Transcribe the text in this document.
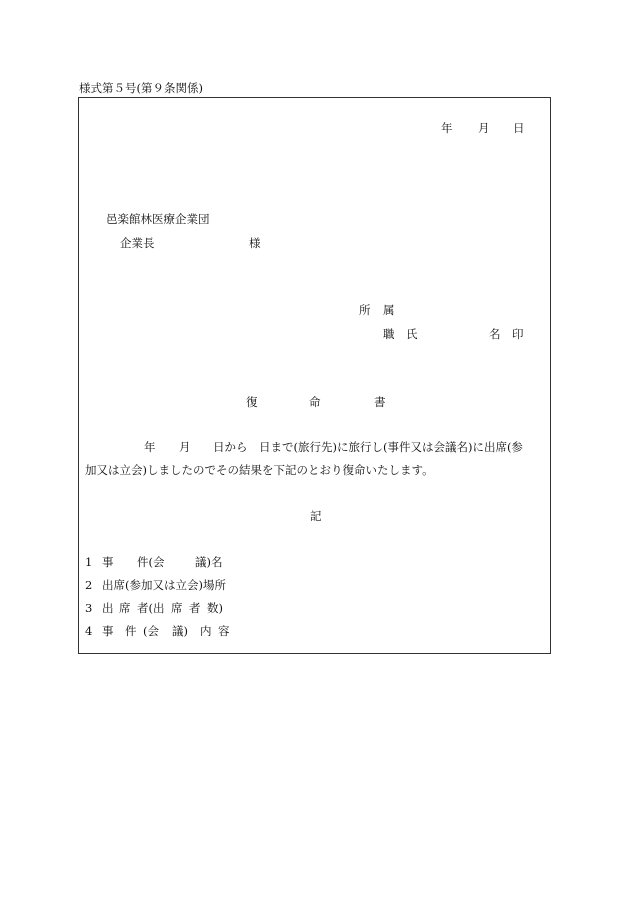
様式第５号(第９条関係)
年 月 日
邑楽館林医療企業団
企業長	様
所 属
職 氏	名 印
復	命	書
年 月 日から 日まで(旅行先)に旅行し(事件又は会議名)に出席(参
加又は立会)しましたのでその結果を下記のとおり復命いたします。
記
1 事 件(会	議)名
2 出席(参加又は立会)場所
3 出 席 者(出 席 者 数)
4 事 件 (会 議) 内 容
